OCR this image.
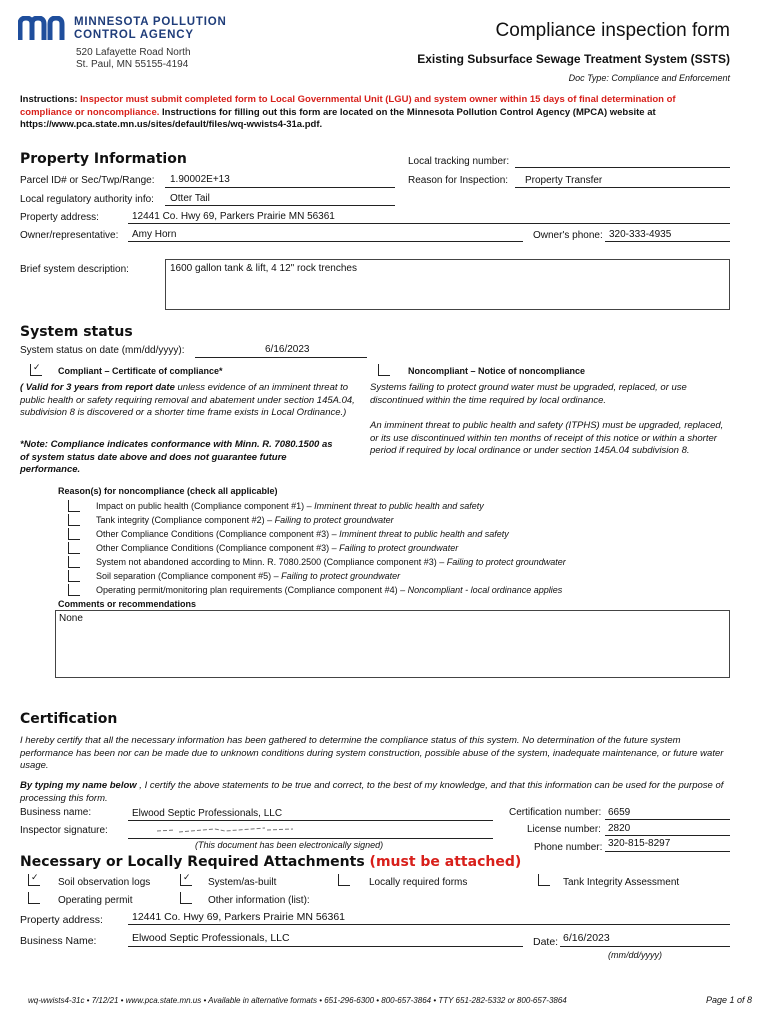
MINNESOTA POLLUTION
CONTROL AGENCY
520 Lafayette Road North
St. Paul, MN 55155-4194
Compliance inspection form
Existing Subsurface Sewage Treatment System (SSTS)
Doc Type: Compliance and Enforcement
Instructions: Inspector must submit completed form to Local Governmental Unit (LGU) and system owner within 15 days of final determination of compliance or noncompliance. Instructions for filling out this form are located on the Minnesota Pollution Control Agency (MPCA) website at https://www.pca.state.mn.us/sites/default/files/wq-wwists4-31a.pdf.
Property Information	Local tracking number:
Parcel ID# or Sec/Twp/Range: 1.90002E+13	Reason for Inspection: Property Transfer
Local regulatory authority info: Otter Tail
Property address:	12441 Co. Hwy 69, Parkers Prairie MN 56361
Owner/representative: Amy Horn	Owner's phone: 320-333-4935
Brief system description:	1600 gallon tank & lift, 4 12" rock trenches
System status
System status on date (mm/dd/yyyy):	6/16/2023
✓ Compliant – Certificate of compliance*	Noncompliant – Notice of noncompliance
( Valid for 3 years from report date unless evidence of an imminent threat to public health or safety requiring removal and abatement under section 145A.04, subdivision 8 is discovered or a shorter time frame exists in Local Ordinance.)
*Note: Compliance indicates conformance with Minn. R. 7080.1500 as of system status date above and does not guarantee future performance.
Systems failing to protect ground water must be upgraded, replaced, or use discontinued within the time required by local ordinance.
An imminent threat to public health and safety (ITPHS) must be upgraded, replaced, or its use discontinued within ten months of receipt of this notice or within a shorter period if required by local ordinance or under section 145A.04 subdivision 8.
Reason(s) for noncompliance (check all applicable)
Impact on public health (Compliance component #1) – Imminent threat to public health and safety
Tank integrity (Compliance component #2) – Failing to protect groundwater
Other Compliance Conditions (Compliance component #3) – Imminent threat to public health and safety
Other Compliance Conditions (Compliance component #3) – Failing to protect groundwater
System not abandoned according to Minn. R. 7080.2500 (Compliance component #3) – Failing to protect groundwater
Soil separation (Compliance component #5) – Failing to protect groundwater
Operating permit/monitoring plan requirements (Compliance component #4) – Noncompliant - local ordinance applies
Comments or recommendations
None
Certification
I hereby certify that all the necessary information has been gathered to determine the compliance status of this system. No determination of the future system performance has been nor can be made due to unknown conditions during system construction, possible abuse of the system, inadequate maintenance, or future water usage.
By typing my name below , I certify the above statements to be true and correct, to the best of my knowledge, and that this information can be used for the purpose of processing this form.
Business name:	Elwood Septic Professionals, LLC	Certification number: 6659
Inspector signature:	License number: 2820
(This document has been electronically signed)	Phone number: 320-815-8297
Necessary or Locally Required Attachments (must be attached)
✓ Soil observation logs	✓ System/as-built	Locally required forms	Tank Integrity Assessment
Operating permit	Other information (list):
Property address:	12441 Co. Hwy 69, Parkers Prairie MN 56361
Business Name:	Elwood Septic Professionals, LLC	Date: 6/16/2023
(mm/dd/yyyy)
wq-wwists4-31c • 7/12/21 • www.pca.state.mn.us • Available in alternative formats • 651-296-6300 • 800-657-3864 • TTY 651-282-5332 or 800-657-3864	Page 1 of 8
